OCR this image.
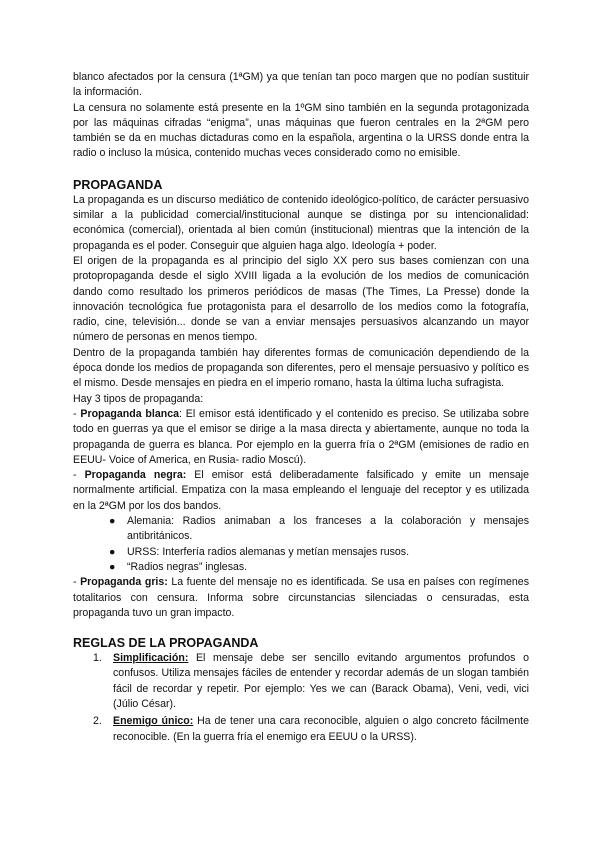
blanco afectados por la censura (1ªGM) ya que tenían tan poco margen que no podían sustituir la información.

La censura no solamente está presente en la 1ºGM sino también en la segunda protagonizada por las máquinas cifradas “enigma”, unas máquinas que fueron centrales en la 2ªGM pero también se da en muchas dictaduras como en la española, argentina o la URSS donde entra la radio o incluso la música, contenido muchas veces considerado como no emisible.

PROPAGANDA

La propaganda es un discurso mediático de contenido ideológico-político, de carácter persuasivo similar a la publicidad comercial/institucional aunque se distinga por su intencionalidad: económica (comercial), orientada al bien común (institucional) mientras que la intención de la propaganda es el poder. Conseguir que alguien haga algo. Ideología + poder.

El origen de la propaganda es al principio del siglo XX pero sus bases comienzan con una protopropaganda desde el siglo XVIII ligada a la evolución de los medios de comunicación dando como resultado los primeros periódicos de masas (The Times, La Presse) donde la innovación tecnológica fue protagonista para el desarrollo de los medios como la fotografía, radio, cine, televisión... donde se van a enviar mensajes persuasivos alcanzando un mayor número de personas en menos tiempo.

Dentro de la propaganda también hay diferentes formas de comunicación dependiendo de la época donde los medios de propaganda son diferentes, pero el mensaje persuasivo y político es el mismo. Desde mensajes en piedra en el imperio romano, hasta la última lucha sufragista.

Hay 3 tipos de propaganda:

- Propaganda blanca: El emisor está identificado y el contenido es preciso. Se utilizaba sobre todo en guerras ya que el emisor se dirige a la masa directa y abiertamente, aunque no toda la propaganda de guerra es blanca. Por ejemplo en la guerra fría o 2ªGM (emisiones de radio en EEUU- Voice of America, en Rusia- radio Moscú).

- Propaganda negra: El emisor está deliberadamente falsificado y emite un mensaje normalmente artificial. Empatiza con la masa empleando el lenguaje del receptor y es utilizada en la 2ªGM por los dos bandos.

● Alemania: Radios animaban a los franceses a la colaboración y mensajes antibritánicos.
● URSS: Interfería radios alemanas y metían mensajes rusos.
● “Radios negras” inglesas.

- Propaganda gris: La fuente del mensaje no es identificada. Se usa en países con regímenes totalitarios con censura. Informa sobre circunstancias silenciadas o censuradas, esta propaganda tuvo un gran impacto.

REGLAS DE LA PROPAGANDA
1. Simplificación: El mensaje debe ser sencillo evitando argumentos profundos o confusos. Utiliza mensajes fáciles de entender y recordar además de un slogan también fácil de recordar y repetir. Por ejemplo: Yes we can (Barack Obama), Veni, vedi, vici (Júlio César).
2. Enemigo único: Ha de tener una cara reconocible, alguien o algo concreto fácilmente reconocible. (En la guerra fría el enemigo era EEUU o la URSS).
